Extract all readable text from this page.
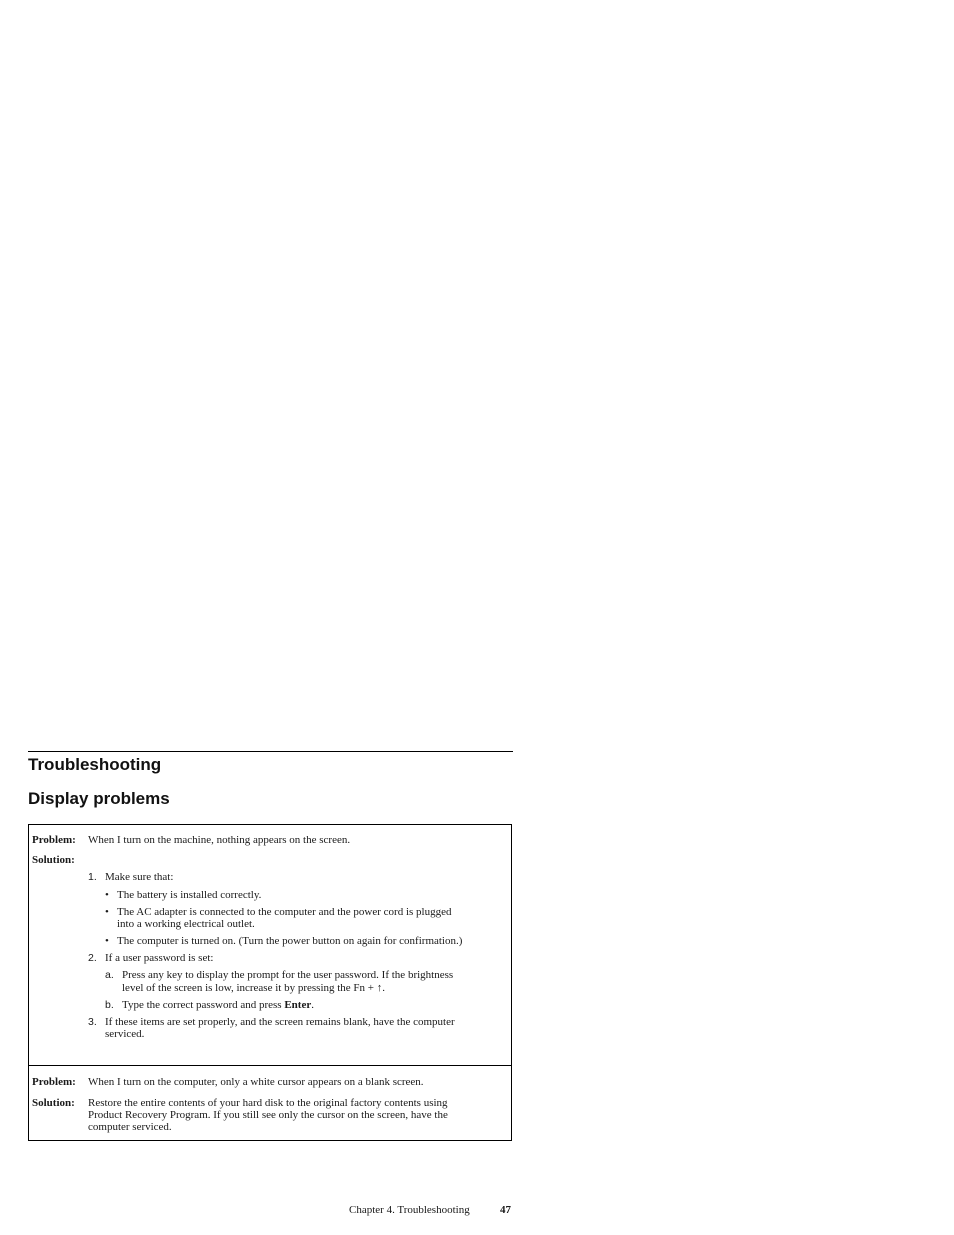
Troubleshooting
Display problems
Problem: When I turn on the machine, nothing appears on the screen.
Solution:
1. Make sure that:
• The battery is installed correctly.
• The AC adapter is connected to the computer and the power cord is plugged
into a working electrical outlet.
• The computer is turned on. (Turn the power button on again for confirmation.)
2. If a user password is set:
a. Press any key to display the prompt for the user password. If the brightness
level of the screen is low, increase it by pressing the Fn + ↑.
b. Type the correct password and press Enter.
3. If these items are set properly, and the screen remains blank, have the computer
serviced.
Problem: When I turn on the computer, only a white cursor appears on a blank screen.
Solution: Restore the entire contents of your hard disk to the original factory contents using
Product Recovery Program. If you still see only the cursor on the screen, have the
computer serviced.
Chapter 4. Troubleshooting	47
